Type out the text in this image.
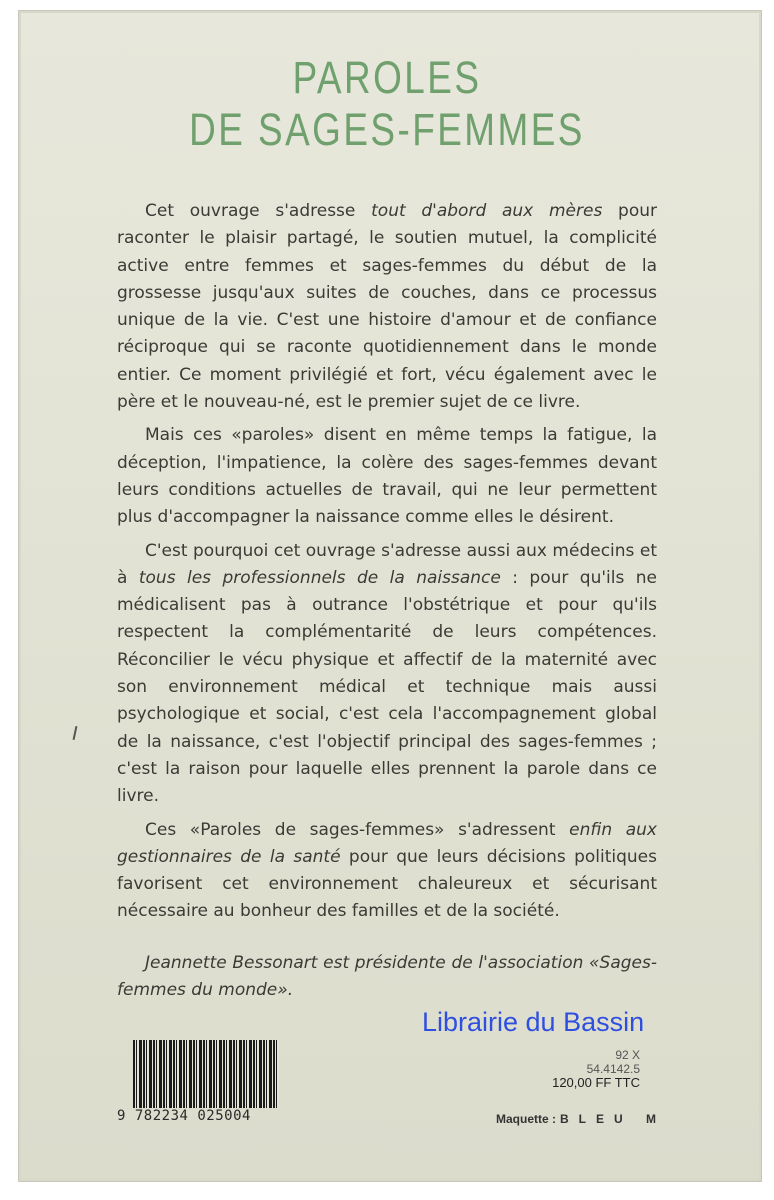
PAROLES
DE SAGES-FEMMES

Cet ouvrage s'adresse tout d'abord aux mères pour raconter le plaisir partagé, le soutien mutuel, la complicité active entre femmes et sages-femmes du début de la grossesse jusqu'aux suites de couches, dans ce processus unique de la vie. C'est une histoire d'amour et de confiance réciproque qui se raconte quotidiennement dans le monde entier. Ce moment privilégié et fort, vécu également avec le père et le nouveau-né, est le premier sujet de ce livre.

Mais ces «paroles» disent en même temps la fatigue, la déception, l'impatience, la colère des sages-femmes devant leurs conditions actuelles de travail, qui ne leur permettent plus d'accompagner la naissance comme elles le désirent.

C'est pourquoi cet ouvrage s'adresse aussi aux médecins et à tous les professionnels de la naissance : pour qu'ils ne médicalisent pas à outrance l'obstétrique et pour qu'ils respectent la complémentarité de leurs compétences. Réconcilier le vécu physique et affectif de la maternité avec son environnement médical et technique mais aussi psychologique et social, c'est cela l'accompagnement global de la naissance, c'est l'objectif principal des sages-femmes ; c'est la raison pour laquelle elles prennent la parole dans ce livre.

Ces «Paroles de sages-femmes» s'adressent enfin aux gestionnaires de la santé pour que leurs décisions politiques favorisent cet environnement chaleureux et sécurisant nécessaire au bonheur des familles et de la société.

Jeannette Bessonart est présidente de l'association «Sages-femmes du monde».

Librairie du Bassin
9 782234 025004
92 X
54.4142.5
120,00 FF TTC
Maquette : BLEU M
